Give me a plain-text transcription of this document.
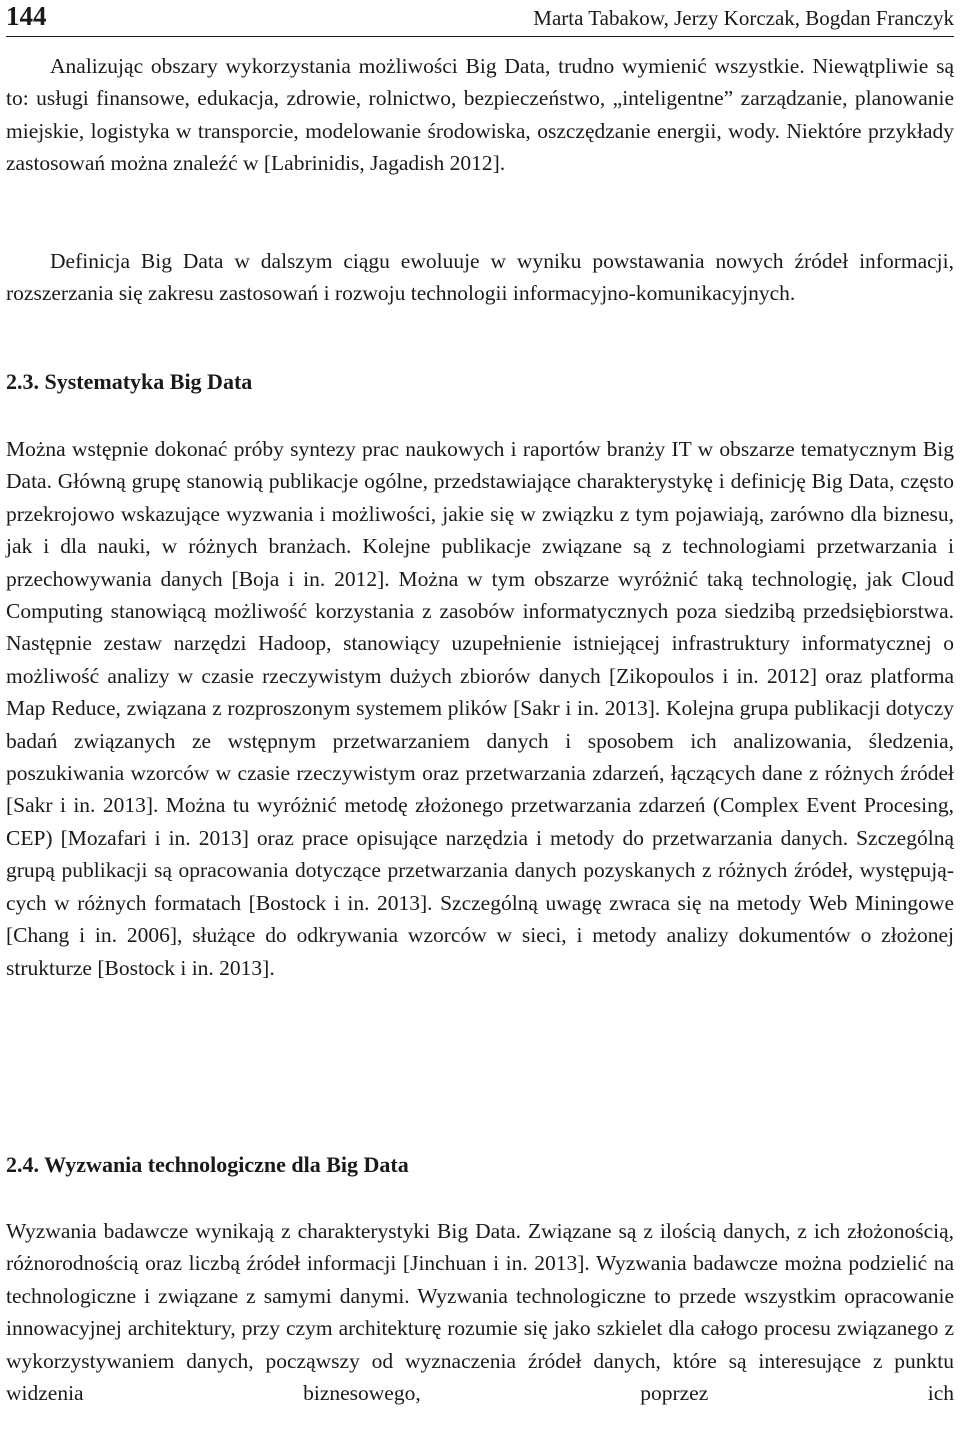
144	Marta Tabakow, Jerzy Korczak, Bogdan Franczyk

Analizując obszary wykorzystania możliwości Big Data, trudno wymienić wszystkie. Niewątpliwie są to: usługi finansowe, edukacja, zdrowie, rolnictwo, bezpieczeństwo, „inteligentne” zarządzanie, planowanie miejskie, logistyka w transporcie, modelowanie środowiska, oszczędzanie energii, wody. Niektóre przykłady zastosowań można znaleźć w [Labrinidis, Jagadish 2012].

Definicja Big Data w dalszym ciągu ewoluuje w wyniku powstawania nowych źródeł informacji, rozszerzania się zakresu zastosowań i rozwoju technologii informacyjno-komunikacyjnych.

2.3. Systematyka Big Data

Można wstępnie dokonać próby syntezy prac naukowych i raportów branży IT w obszarze tematycznym Big Data. Główną grupę stanowią publikacje ogólne, przedstawiające charakterystykę i definicję Big Data, często przekrojowo wskazujące wyzwania i możliwości, jakie się w związku z tym pojawiają, zarówno dla biznesu, jak i dla nauki, w różnych branżach. Kolejne publikacje związane są z technologiami przetwarzania i przechowywania danych [Boja i in. 2012]. Można w tym obszarze wyróżnić taką technologię, jak Cloud Computing stanowiącą możliwość korzystania z zasobów informatycznych poza siedzibą przedsiębiorstwa. Następnie zestaw narzędzi Hadoop, stanowiący uzupełnienie istniejącej infrastruktury informatycznej o możliwość analizy w czasie rzeczywistym dużych zbiorów danych [Zikopoulos i in. 2012] oraz platforma Map Reduce, związana z rozproszonym systemem plików [Sakr i in. 2013]. Kolejna grupa publikacji dotyczy badań związanych ze wstępnym przetwarzaniem danych i sposobem ich analizowania, śledzenia, poszukiwania wzorców w czasie rzeczywistym oraz przetwarzania zdarzeń, łączących dane z różnych źródeł [Sakr i in. 2013]. Można tu wyróżnić metodę złożonego przetwarzania zdarzeń (Complex Event Procesing, CEP) [Mozafari i in. 2013] oraz prace opisujące narzędzia i metody do przetwarzania danych. Szczególną grupą publikacji są opracowania dotyczące przetwarzania danych pozyskanych z różnych źródeł, występujących w różnych formatach [Bostock i in. 2013]. Szczególną uwagę zwraca się na metody Web Miningowe [Chang i in. 2006], służące do odkrywania wzorców w sieci, i metody analizy dokumentów o złożonej strukturze [Bostock i in. 2013].

2.4. Wyzwania technologiczne dla Big Data

Wyzwania badawcze wynikają z charakterystyki Big Data. Związane są z ilością danych, z ich złożonością, różnorodnością oraz liczbą źródeł informacji [Jinchuan i in. 2013]. Wyzwania badawcze można podzielić na technologiczne i związane z samymi danymi. Wyzwania technologiczne to przede wszystkim opracowanie innowacyjnej architektury, przy czym architekturę rozumie się jako szkielet dla całogo procesu związanego z wykorzystywaniem danych, począwszy od wyznaczenia źródeł danych, które są interesujące z punktu widzenia biznesowego, poprzez ich
